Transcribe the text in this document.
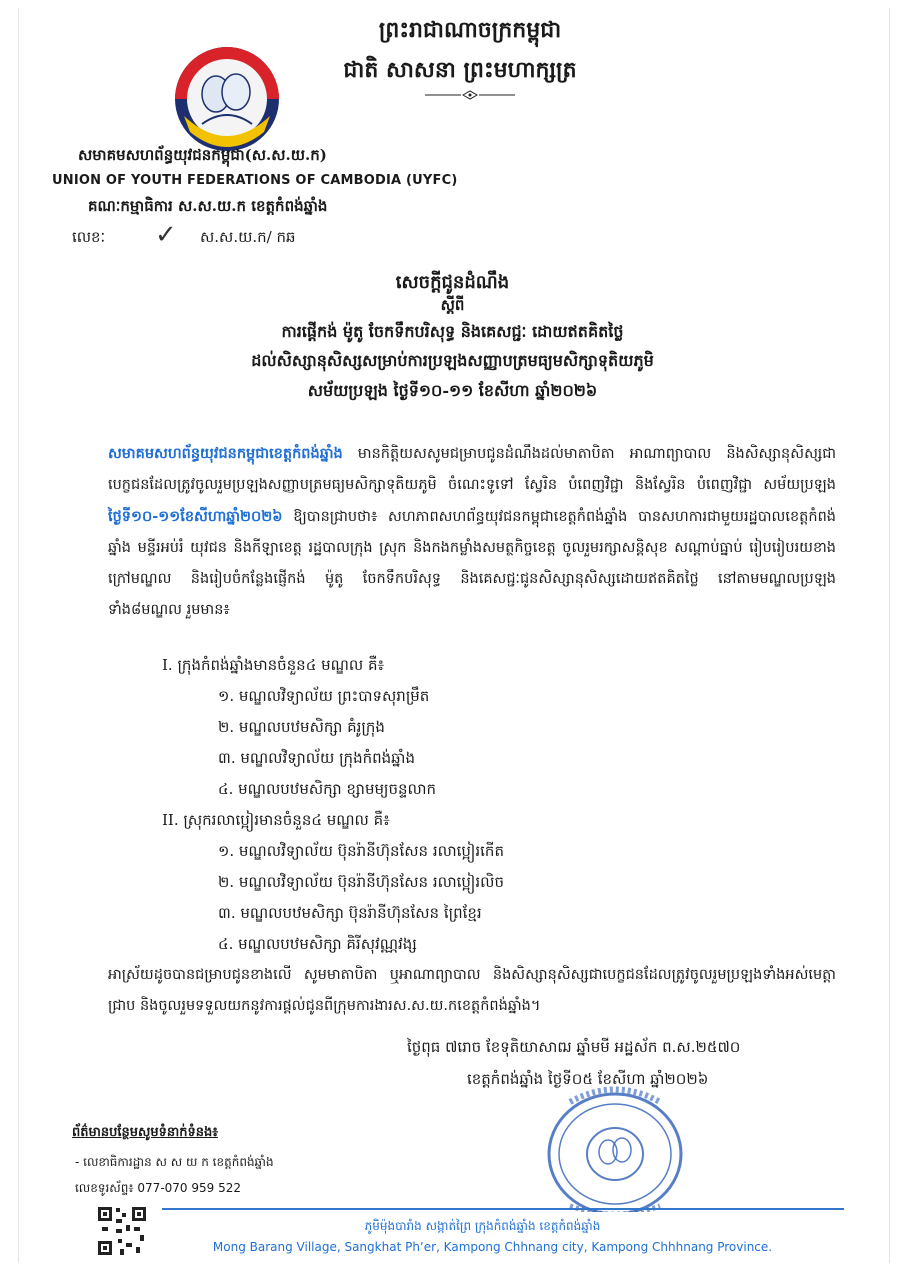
ព្រះរាជាណាចក្រកម្ពុជា
ជាតិ សាសនា ព្រះមហាក្សត្រ
សមាគមសហព័ន្ធយុវជនកម្ពុជា(ស.ស.យ.ក)
UNION OF YOUTH FEDERATIONS OF CAMBODIA (UYFC)
គណៈកម្មាធិការ ស.ស.យ.ក ខេត្តកំពង់ឆ្នាំង
លេខៈ ✓ ស.ស.យ.ក/ កឆ
សេចក្តីជូនដំណឹង
ស្តីពី
ការផ្តើកង់ ម៉ូតូ ចែកទឹកបរិសុទ្ធ និងគេសជ្ជៈ ដោយឥតគិតថ្លៃ
ដល់សិស្សានុសិស្សសម្រាប់ការប្រឡងសញ្ញាបត្រមធ្យមសិក្សាទុតិយភូមិ
សម័យប្រឡង ថ្ងៃទី១០-១១ ខែសីហា ឆ្នាំ២០២៦
សមាគមសហព័ន្ធយុវជនកម្ពុជាខេត្តកំពង់ឆ្នាំង មានកិត្តិយសសូមជម្រាបជូនដំណឹងដល់មាតាបិតា អាណាព្យាបាល និងសិស្សានុសិស្សជាបេក្ខជនដែលត្រូវចូលរួមប្រឡងសញ្ញាបត្រមធ្យមសិក្សាទុតិយភូមិ ចំណេះទូទៅ ស្វែរិន បំពេញវិជ្ជា និងស្វែរិន បំពេញវិជ្ជា សម័យប្រឡងថ្ងៃទី១០-១១ខែសីហាឆ្នាំ២០២៦ ឱ្យបានជ្រាបថា៖ សហភាពសហព័ន្ធយុវជនកម្ពុជាខេត្តកំពង់ឆ្នាំង បានសហការជាមួយរដ្ឋបាលខេត្តកំពង់ឆ្នាំង មន្ទីរអប់រំ យុវជន និងកីឡាខេត្ត រដ្ឋបាលក្រុង ស្រុក និងកងកម្លាំងសមត្ថកិច្ចខេត្ត ចូលរួមរក្សាសន្តិសុខ សណ្តាប់ធ្នាប់ រៀបរៀបរយខាងក្រៅមណ្ឌល និងរៀបចំកន្លែងផ្ញើកង់ ម៉ូតូ ចែកទឹកបរិសុទ្ធ និងគេសជ្ជៈជូនសិស្សានុសិស្សដោយឥតគិតថ្លៃ នៅតាមមណ្ឌលប្រឡងទាំង៨មណ្ឌល រួមមាន៖
I. ក្រុងកំពង់ឆ្នាំងមានចំនួន៤ មណ្ឌល គឺ៖
១. មណ្ឌលវិទ្យាល័យ ព្រះបាទសុរាម្រឹត
២. មណ្ឌលបឋមសិក្សា គំរូក្រុង
៣. មណ្ឌលវិទ្យាល័យ ក្រុងកំពង់ឆ្នាំង
៤. មណ្ឌលបឋមសិក្សា ខ្សាមម្យចន្ទលាក
II. ស្រុករលាប្អៀរមានចំនួន៤ មណ្ឌល គឺ៖
១. មណ្ឌលវិទ្យាល័យ ប៊ុនរ៉ានីហ៊ុនសែន រលាប្អៀរកើត
២. មណ្ឌលវិទ្យាល័យ ប៊ុនរ៉ានីហ៊ុនសែន រលាប្អៀរលិច
៣. មណ្ឌលបឋមសិក្សា ប៊ុនរ៉ានីហ៊ុនសែន ព្រៃខ្មែរ
៤. មណ្ឌលបឋមសិក្សា គិរីសុវណ្ណវង្ស
អាស្រ័យដូចបានជម្រាបជូនខាងលើ សូមមាតាបិតា ឬអាណាព្យាបាល និងសិស្សានុសិស្សជាបេក្ខជនដែលត្រូវចូលរួមប្រឡងទាំងអស់មេត្តាជ្រាប និងចូលរួមទទួលយកនូវការផ្តល់ជូនពីក្រុមការងារស.ស.យ.កខេត្តកំពង់ឆ្នាំង។
ថ្ងៃពុធ ៧រោច ខែទុតិយាសាឍ ឆ្នាំមមី អដ្ឋស័ក ព.ស.២៥៧០
ខេត្តកំពង់ឆ្នាំង ថ្ងៃទី០៥ ខែសីហា ឆ្នាំ២០២៦
ព័ត៌មានបន្ថែមសូមទំនាក់ទំនង៖
- លេខាធិការដ្ឋាន ស ស យ ក ខេត្តកំពង់ឆ្នាំង
លេខទូរស័ព្ទ៖ 077-070 959 522
ភូមិម៉ុងបារាំង សង្កាត់ព្រៃ ក្រុងកំពង់ឆ្នាំង ខេត្តកំពង់ឆ្នាំង
Mong Barang Village, Sangkhat Phʼer, Kampong Chhnang city, Kampong Chhhnang Province.
